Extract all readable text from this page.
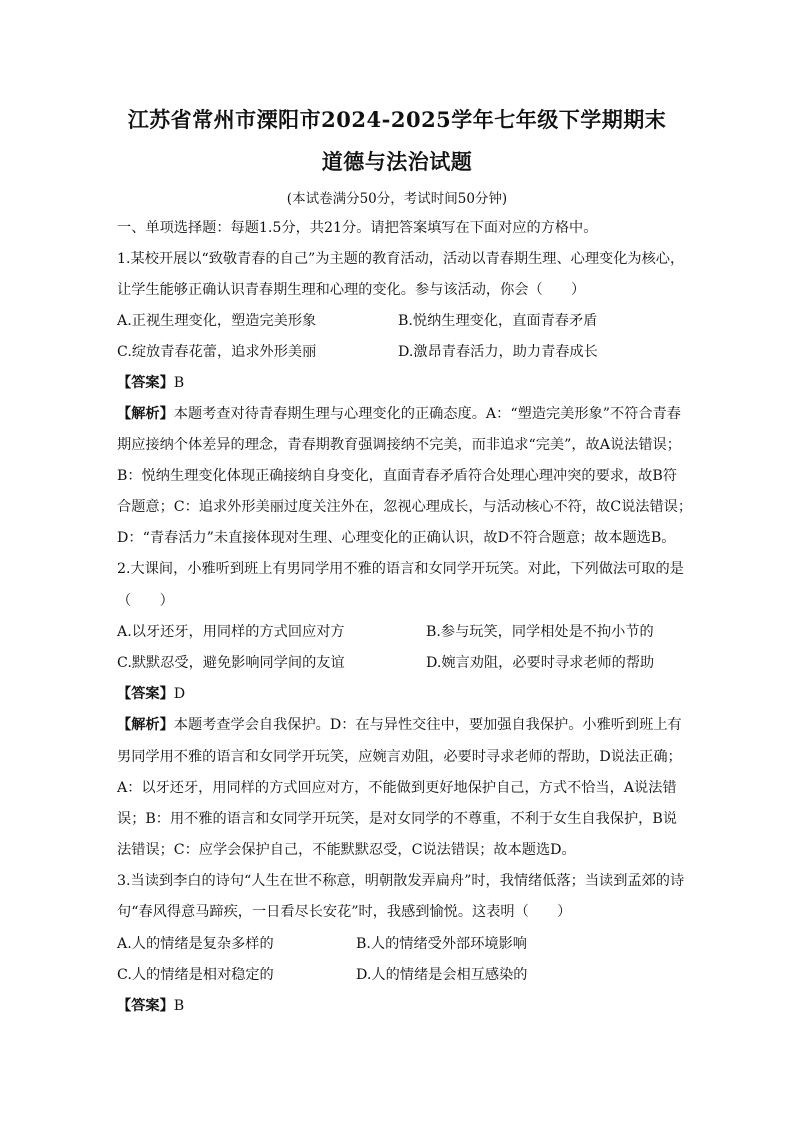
江苏省常州市溧阳市2024-2025学年七年级下学期期末
道德与法治试题
(本试卷满分50分，考试时间50分钟)
一、单项选择题：每题1.5分，共21分。请把答案填写在下面对应的方格中。
1.某校开展以“致敬青春的自己”为主题的教育活动，活动以青春期生理、心理变化为核心，
让学生能够正确认识青春期生理和心理的变化。参与该活动，你会（　　）
A.正视生理变化，塑造完美形象	B.悦纳生理变化，直面青春矛盾
C.绽放青春花蕾，追求外形美丽	D.激昂青春活力，助力青春成长
【答案】B
【解析】本题考查对待青春期生理与心理变化的正确态度。A：“塑造完美形象”不符合青春
期应接纳个体差异的理念，青春期教育强调接纳不完美，而非追求“完美”，故A说法错误；
B：悦纳生理变化体现正确接纳自身变化，直面青春矛盾符合处理心理冲突的要求，故B符
合题意；C：追求外形美丽过度关注外在，忽视心理成长，与活动核心不符，故C说法错误；
D：“青春活力”未直接体现对生理、心理变化的正确认识，故D不符合题意；故本题选B。
2.大课间，小雅听到班上有男同学用不雅的语言和女同学开玩笑。对此，下列做法可取的是
（　　）
A.以牙还牙，用同样的方式回应对方	B.参与玩笑，同学相处是不拘小节的
C.默默忍受，避免影响同学间的友谊	D.婉言劝阻，必要时寻求老师的帮助
【答案】D
【解析】本题考查学会自我保护。D：在与异性交往中，要加强自我保护。小雅听到班上有
男同学用不雅的语言和女同学开玩笑，应婉言劝阻，必要时寻求老师的帮助，D说法正确；
A：以牙还牙，用同样的方式回应对方，不能做到更好地保护自己，方式不恰当，A说法错
误；B：用不雅的语言和女同学开玩笑，是对女同学的不尊重，不利于女生自我保护，B说
法错误；C：应学会保护自己，不能默默忍受，C说法错误；故本题选D。
3.当读到李白的诗句“人生在世不称意，明朝散发弄扁舟”时，我情绪低落；当读到孟郊的诗
句“春风得意马蹄疾，一日看尽长安花”时，我感到愉悦。这表明（　　）
A.人的情绪是复杂多样的	B.人的情绪受外部环境影响
C.人的情绪是相对稳定的	D.人的情绪是会相互感染的
【答案】B
